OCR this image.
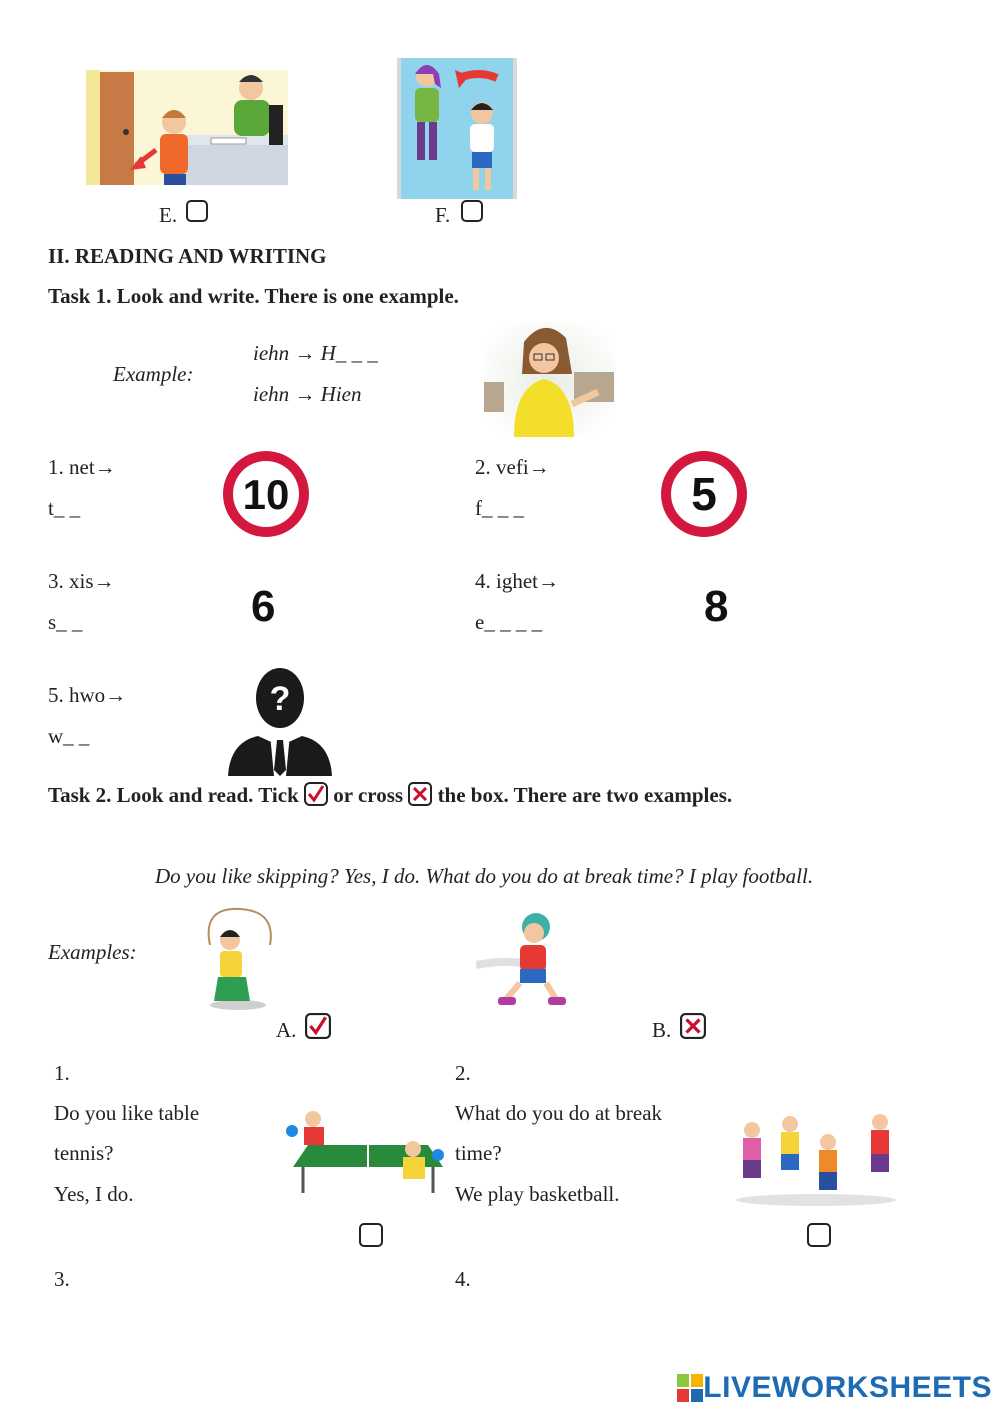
E.	F.
II. READING AND WRITING
Task 1. Look and write. There is one example.
Example:
iehn → H_ _ _
iehn → Hien
1. net→
t_ _	10
2. vefi→
f_ _ _	5
3. xis→
s_ _	6
4. ighet→
e_ _ _ _	8
5. hwo→
w_ _
?
Task 2. Look and read. Tick or cross the box. There are two examples.
Do you like skipping? Yes, I do. What do you do at break time? I play football.
Examples:
A.	B.
1.
Do you like table
tennis?
Yes, I do.
2.
What do you do at break
time?
We play basketball.
3.	4.
LIVEWORKSHEETS
